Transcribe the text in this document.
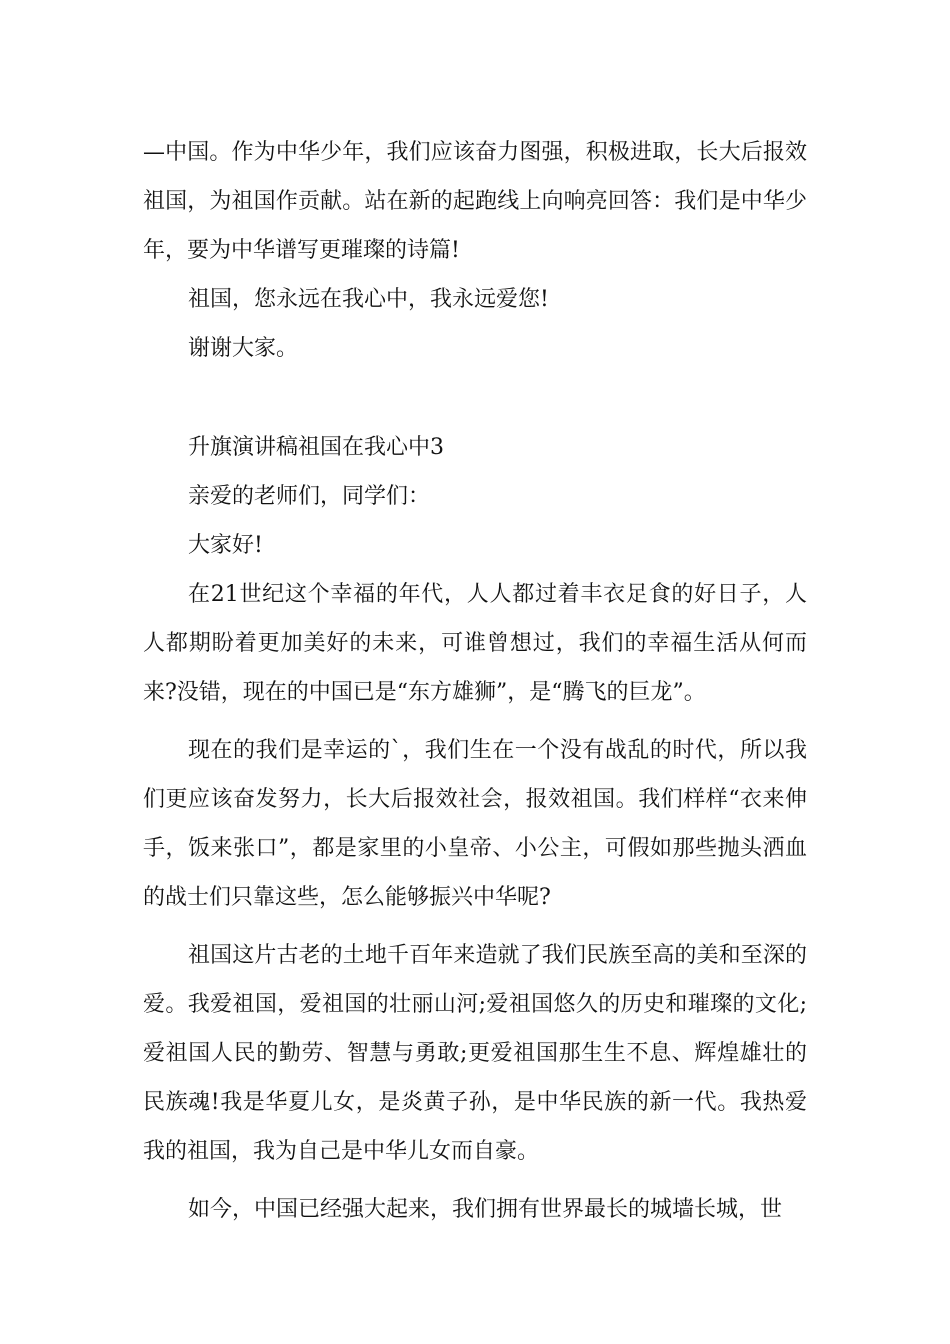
—中国。作为中华少年，我们应该奋力图强，积极进取，长大后报效祖国，为祖国作贡献。站在新的起跑线上向响亮回答：我们是中华少年，要为中华谱写更璀璨的诗篇!

祖国，您永远在我心中，我永远爱您!

谢谢大家。

升旗演讲稿祖国在我心中3

亲爱的老师们，同学们：

大家好!

在21世纪这个幸福的年代，人人都过着丰衣足食的好日子，人人都期盼着更加美好的未来，可谁曾想过，我们的幸福生活从何而来?没错，现在的中国已是“东方雄狮”，是“腾飞的巨龙”。

现在的我们是幸运的`，我们生在一个没有战乱的时代，所以我们更应该奋发努力，长大后报效社会，报效祖国。我们样样“衣来伸手，饭来张口”，都是家里的小皇帝、小公主，可假如那些抛头洒血的战士们只靠这些，怎么能够振兴中华呢?

祖国这片古老的土地千百年来造就了我们民族至高的美和至深的爱。我爱祖国，爱祖国的壮丽山河;爱祖国悠久的历史和璀璨的文化;爱祖国人民的勤劳、智慧与勇敢;更爱祖国那生生不息、辉煌雄壮的民族魂!我是华夏儿女，是炎黄子孙，是中华民族的新一代。我热爱我的祖国，我为自己是中华儿女而自豪。

如今，中国已经强大起来，我们拥有世界最长的城墙长城，世
